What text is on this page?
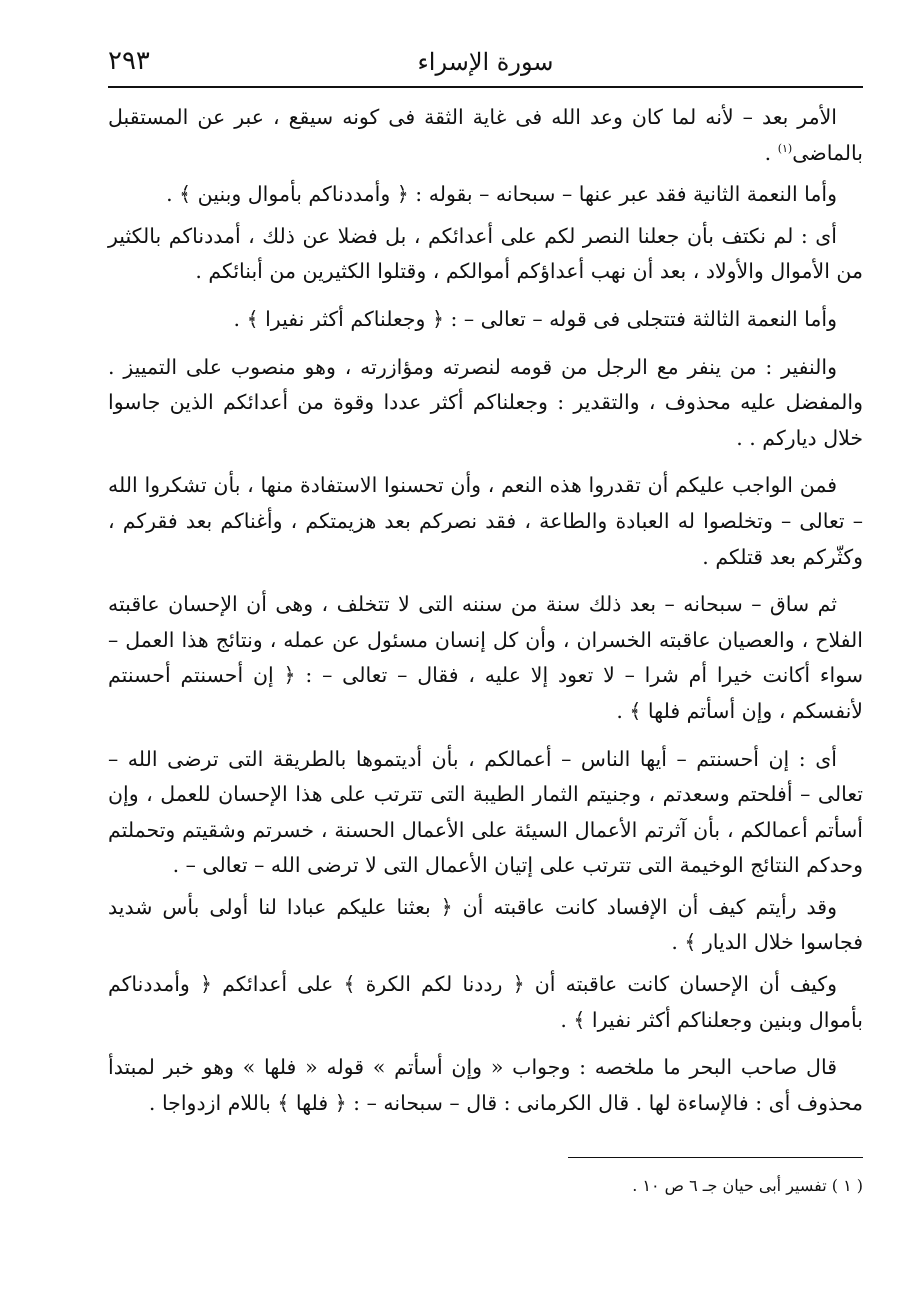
سورة الإسراء
٢٩٣

الأمر بعد – لأنه لما كان وعد الله فى غاية الثقة فى كونه سيقع ، عبر عن المستقبل بالماضى$^{(١)}$ .

وأما النعمة الثانية فقد عبر عنها – سبحانه – بقوله : ﴿ وأمددناكم بأموال وبنين ﴾ .

أى : لم نكتف بأن جعلنا النصر لكم على أعدائكم ، بل فضلا عن ذلك ، أمددناكم بالكثير من الأموال والأولاد ، بعد أن نهب أعداؤكم أموالكم ، وقتلوا الكثيرين من أبنائكم .

وأما النعمة الثالثة فتتجلى فى قوله – تعالى – : ﴿ وجعلناكم أكثر نفيرا ﴾ .

والنفير : من ينفر مع الرجل من قومه لنصرته ومؤازرته ، وهو منصوب على التمييز . والمفضل عليه محذوف ، والتقدير : وجعلناكم أكثر عددا وقوة من أعدائكم الذين جاسوا خلال دياركم . .

فمن الواجب عليكم أن تقدروا هذه النعم ، وأن تحسنوا الاستفادة منها ، بأن تشكروا الله – تعالى – وتخلصوا له العبادة والطاعة ، فقد نصركم بعد هزيمتكم ، وأغناكم بعد فقركم ، وكثّركم بعد قتلكم .

ثم ساق – سبحانه – بعد ذلك سنة من سننه التى لا تتخلف ، وهى أن الإحسان عاقبته الفلاح ، والعصيان عاقبته الخسران ، وأن كل إنسان مسئول عن عمله ، ونتائج هذا العمل – سواء أكانت خيرا أم شرا – لا تعود إلا عليه ، فقال – تعالى – : ﴿ إن أحسنتم أحسنتم لأنفسكم ، وإن أسأتم فلها ﴾ .

أى : إن أحسنتم – أيها الناس – أعمالكم ، بأن أديتموها بالطريقة التى ترضى الله – تعالى – أفلحتم وسعدتم ، وجنيتم الثمار الطيبة التى تترتب على هذا الإحسان للعمل ، وإن أسأتم أعمالكم ، بأن آثرتم الأعمال السيئة على الأعمال الحسنة ، خسرتم وشقيتم وتحملتم وحدكم النتائج الوخيمة التى تترتب على إتيان الأعمال التى لا ترضى الله – تعالى – .

وقد رأيتم كيف أن الإفساد كانت عاقبته أن ﴿ بعثنا عليكم عبادا لنا أولى بأس شديد فجاسوا خلال الديار ﴾ .

وكيف أن الإحسان كانت عاقبته أن ﴿ رددنا لكم الكرة ﴾ على أعدائكم ﴿ وأمددناكم بأموال وبنين وجعلناكم أكثر نفيرا ﴾ .

قال صاحب البحر ما ملخصه : وجواب « وإن أسأتم » قوله « فلها » وهو خبر لمبتدأ محذوف أى : فالإساءة لها . قال الكرمانى : قال – سبحانه – : ﴿ فلها ﴾ باللام ازدواجا .

( ١ ) تفسير أبى حيان جـ ٦ ص ١٠ .
